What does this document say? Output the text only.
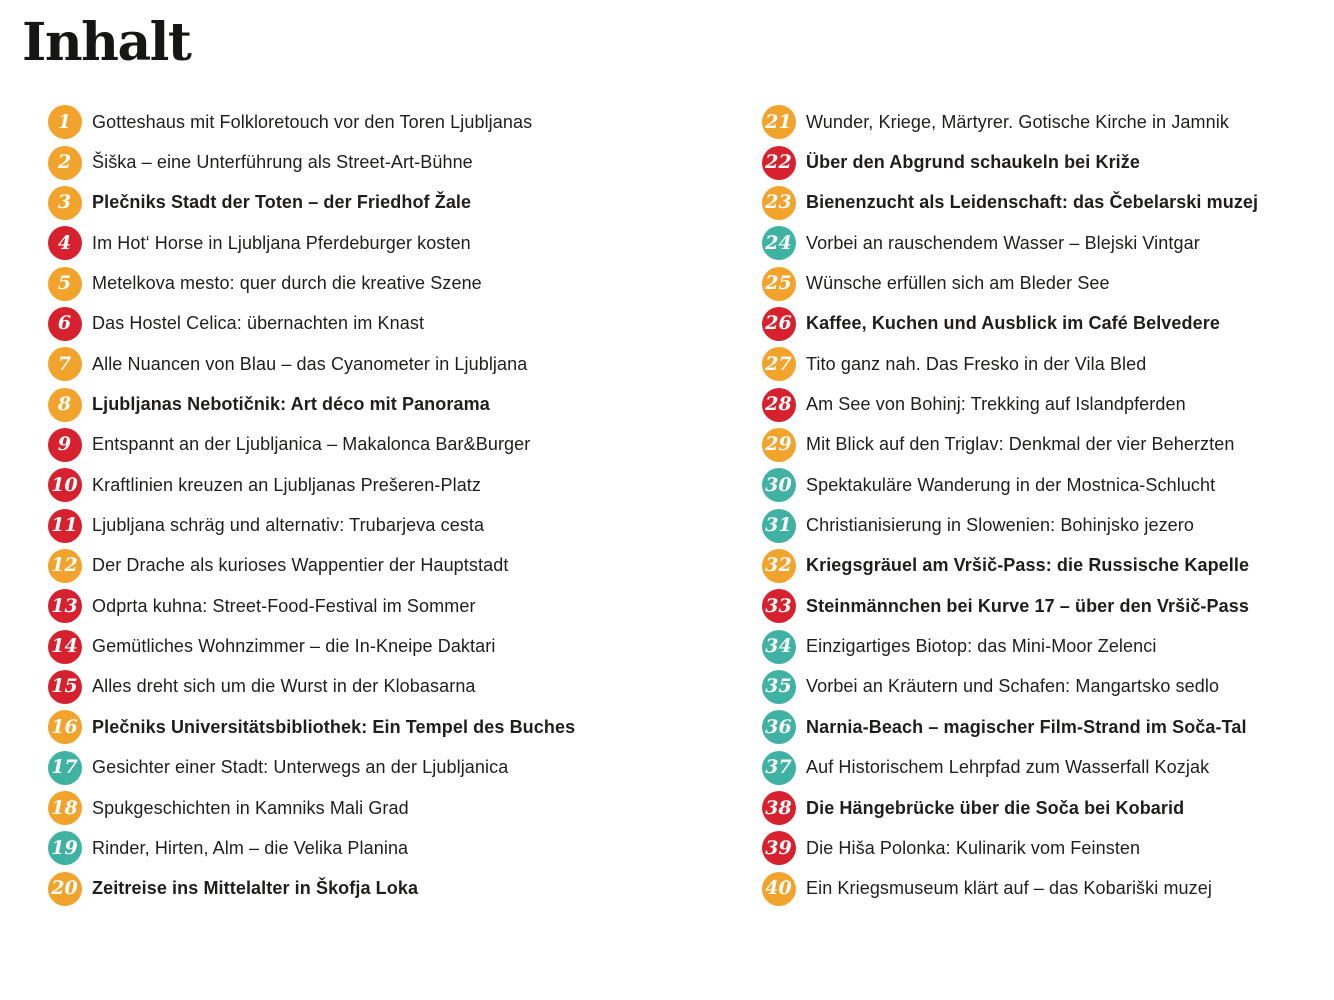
Inhalt
1	Gotteshaus mit Folkloretouch vor den Toren Ljubljanas
2	Šiška – eine Unterführung als Street-Art-Bühne
3	Plečniks Stadt der Toten – der Friedhof Žale
4	Im Hot‘ Horse in Ljubljana Pferdeburger kosten
5	Metelkova mesto: quer durch die kreative Szene
6	Das Hostel Celica: übernachten im Knast
7	Alle Nuancen von Blau – das Cyanometer in Ljubljana
8	Ljubljanas Nebotičnik: Art déco mit Panorama
9	Entspannt an der Ljubljanica – Makalonca Bar&Burger
10 Kraftlinien kreuzen an Ljubljanas Prešeren-Platz
11 Ljubljana schräg und alternativ: Trubarjeva cesta
12 Der Drache als kurioses Wappentier der Hauptstadt
13 Odprta kuhna: Street-Food-Festival im Sommer
14 Gemütliches Wohnzimmer – die In-Kneipe Daktari
15 Alles dreht sich um die Wurst in der Klobasarna
16 Plečniks Universitätsbibliothek: Ein Tempel des Buches
17 Gesichter einer Stadt: Unterwegs an der Ljubljanica
18 Spukgeschichten in Kamniks Mali Grad
19 Rinder, Hirten, Alm – die Velika Planina
20 Zeitreise ins Mittelalter in Škofja Loka
21 Wunder, Kriege, Märtyrer. Gotische Kirche in Jamnik
22 Über den Abgrund schaukeln bei Križe
23 Bienenzucht als Leidenschaft: das Čebelarski muzej
24 Vorbei an rauschendem Wasser – Blejski Vintgar
25 Wünsche erfüllen sich am Bleder See
26 Kaffee, Kuchen und Ausblick im Café Belvedere
27 Tito ganz nah. Das Fresko in der Vila Bled
28 Am See von Bohinj: Trekking auf Islandpferden
29 Mit Blick auf den Triglav: Denkmal der vier Beherzten
30 Spektakuläre Wanderung in der Mostnica-Schlucht
31 Christianisierung in Slowenien: Bohinjsko jezero
32 Kriegsgräuel am Vršič-Pass: die Russische Kapelle
33 Steinmännchen bei Kurve 17 – über den Vršič-Pass
34 Einzigartiges Biotop: das Mini-Moor Zelenci
35 Vorbei an Kräutern und Schafen: Mangartsko sedlo
36 Narnia-Beach – magischer Film-Strand im Soča-Tal
37 Auf Historischem Lehrpfad zum Wasserfall Kozjak
38 Die Hängebrücke über die Soča bei Kobarid
39 Die Hiša Polonka: Kulinarik vom Feinsten
40 Ein Kriegsmuseum klärt auf – das Kobariški muzej
